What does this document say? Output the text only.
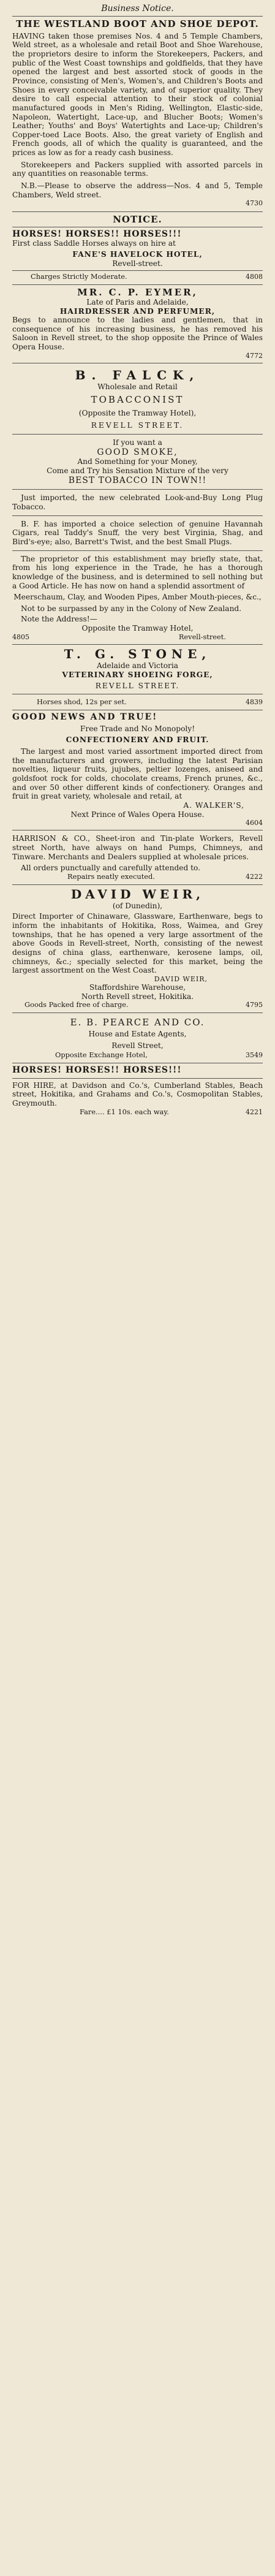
Business Notice.
THE WESTLAND BOOT AND SHOE DEPOT.

HAVING taken those premises Nos. 4 and 5 Temple Chambers, Weld street, as a wholesale and retail Boot and Shoe Warehouse, the proprietors desire to inform the Storekeepers, Packers, and public of the West Coast townships and goldfields, that they have opened the largest and best assorted stock of goods in the Province, consisting of Men's, Women's, and Children's Boots and Shoes in every conceivable variety, and of superior quality. They desire to call especial attention to their stock of colonial manufactured goods in Men's Riding, Wellington, Elastic-side, Napoleon, Watertight, Lace-up, and Blucher Boots; Women's Leather; Youths' and Boys' Watertights and Lace-up; Children's Copper-toed Lace Boots. Also, the great variety of English and French goods, all of which the quality is guaranteed, and the prices as low as for a ready cash business.

Storekeepers and Packers supplied with assorted parcels in any quantities on reasonable terms.

N.B.—Please to observe the address—Nos. 4 and 5, Temple Chambers, Weld street.

4730
NOTICE.
HORSES! HORSES!! HORSES!!!

First class Saddle Horses always on hire at

FANE'S HAVELOCK HOTEL,
Revell-street.
Charges Strictly Moderate.	4808
MR. C. P. EYMER,
Late of Paris and Adelaide,
HAIRDRESSER AND PERFUMER,

Begs to announce to the ladies and gentlemen, that in consequence of his increasing business, he has removed his Saloon in Revell street, to the shop opposite the Prince of Wales Opera House.

4772
B. FALCK,
Wholesale and Retail
TOBACCONIST
(Opposite the Tramway Hotel),
REVELL STREET.
If you want a
GOOD SMOKE,
And Something for your Money,
Come and Try his Sensation Mixture of the very
BEST TOBACCO IN TOWN!!

Just imported, the new celebrated Look-and-Buy Long Plug Tobacco.

B. F. has imported a choice selection of genuine Havannah Cigars, real Taddy's Snuff, the very best Virginia, Shag, and Bird's-eye; also, Barrett's Twist, and the best Small Plugs.

The proprietor of this establishment may briefly state, that, from his long experience in the Trade, he has a thorough knowledge of the business, and is determined to sell nothing but a Good Article. He has now on hand a splendid assortment of

Meerschaum, Clay, and Wooden Pipes, Amber Mouth-pieces, &c.,

Not to be surpassed by any in the Colony of New Zealand.

Note the Address!—
Opposite the Tramway Hotel,
4805	Revell-street.
T. G. STONE,
Adelaide and Victoria
VETERINARY SHOEING FORGE,
REVELL STREET.
Horses shod, 12s per set.	4839
GOOD NEWS AND TRUE!
Free Trade and No Monopoly!
CONFECTIONERY AND FRUIT.

The largest and most varied assortment imported direct from the manufacturers and growers, including the latest Parisian novelties, liqueur fruits, jujubes, peltier lozenges, aniseed and goldsfoot rock for colds, chocolate creams, French prunes, &c., and over 50 other different kinds of confectionery. Oranges and fruit in great variety, wholesale and retail, at

A. WALKER'S,
Next Prince of Wales Opera House.
4604

HARRISON & CO., Sheet-iron and Tin-plate Workers, Revell street North, have always on hand Pumps, Chimneys, and Tinware. Merchants and Dealers supplied at wholesale prices.

All orders punctually and carefully attended to.

Repairs neatly executed.	4222
DAVID WEIR,
(of Dunedin),

Direct Importer of Chinaware, Glassware, Earthenware, begs to inform the inhabitants of Hokitika, Ross, Waimea, and Grey townships, that he has opened a very large assortment of the above Goods in Revell-street, North, consisting of the newest designs of china glass, earthenware, kerosene lamps, oil, chimneys, &c.; specially selected for this market, being the largest assortment on the West Coast.

DAVID WEIR,
Staffordshire Warehouse,
North Revell street, Hokitika.
Goods Packed free of charge.	4795
E. B. PEARCE AND CO.
House and Estate Agents,
Revell Street,
Opposite Exchange Hotel,	3549
HORSES! HORSES!! HORSES!!!

FOR HIRE, at Davidson and Co.'s, Cumberland Stables, Beach street, Hokitika, and Grahams and Co.'s, Cosmopolitan Stables, Greymouth.

Fare.... £1 10s. each way.	4221
